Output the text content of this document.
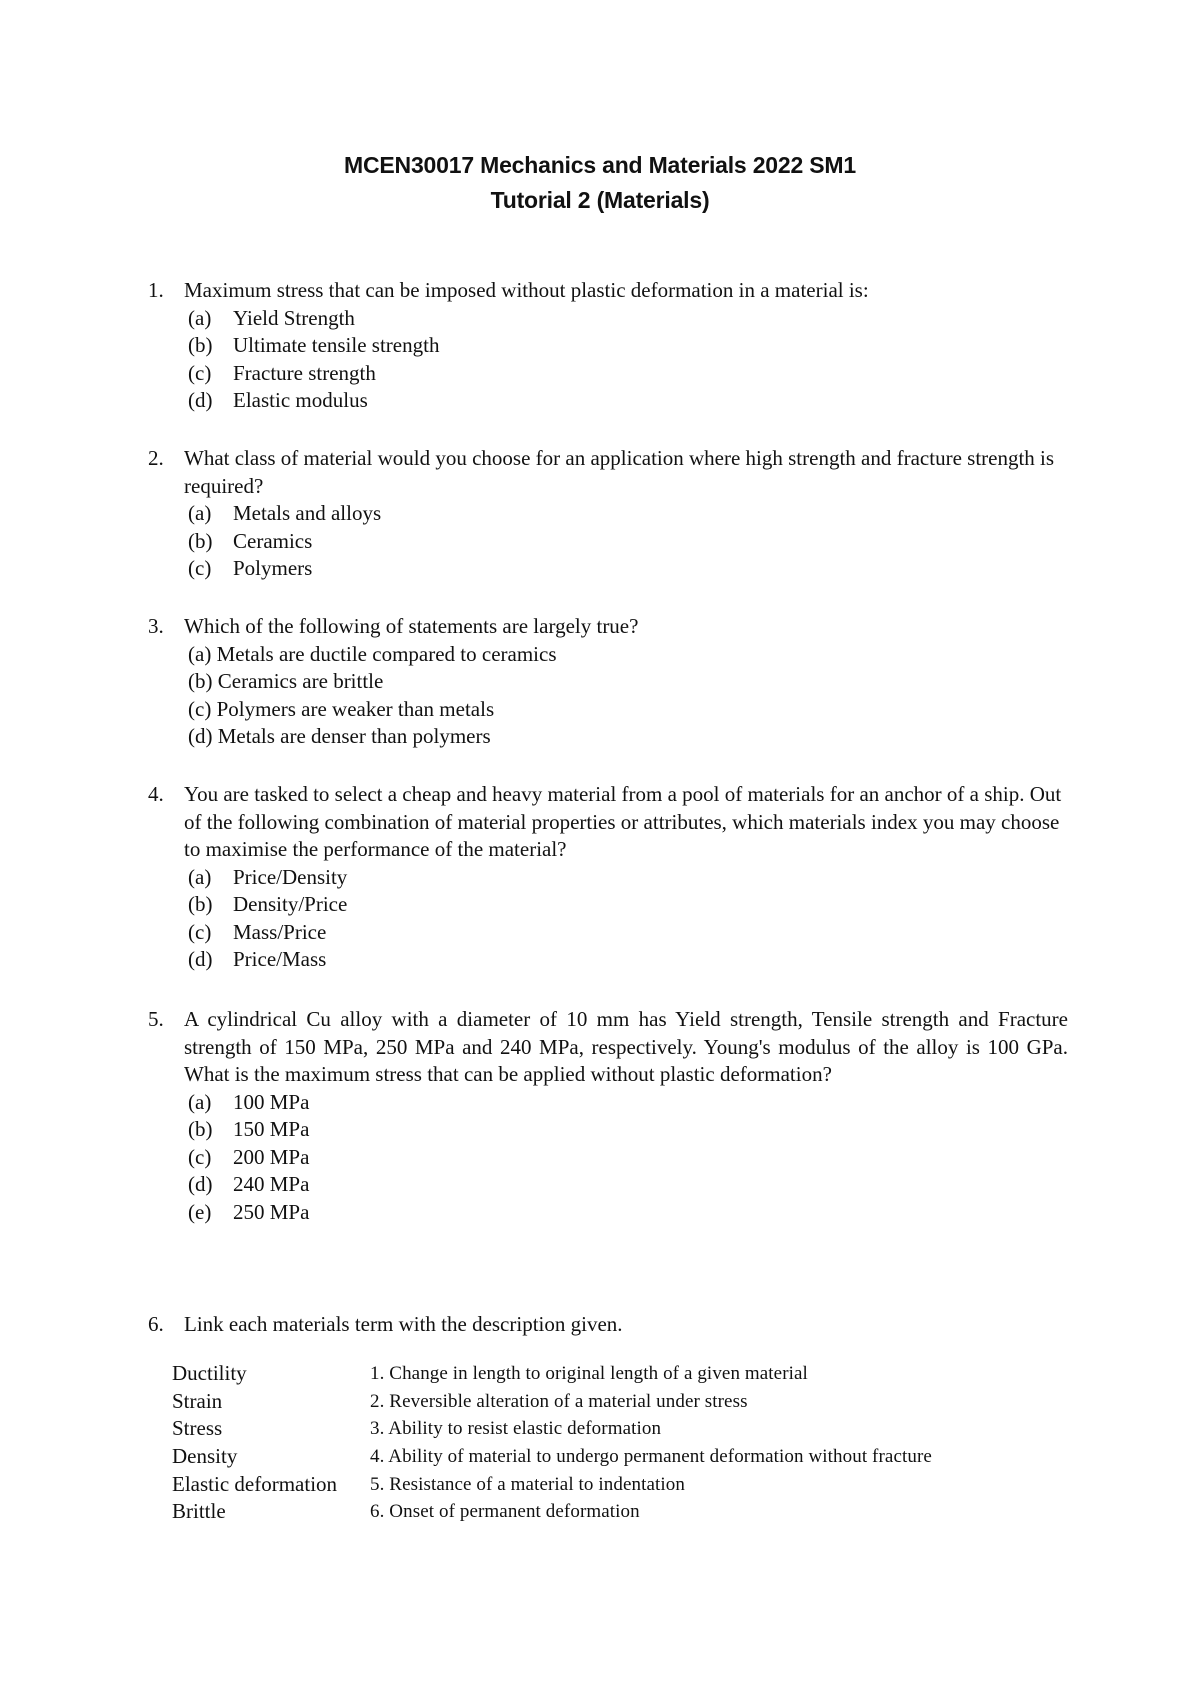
MCEN30017 Mechanics and Materials 2022 SM1
Tutorial 2 (Materials)
1. Maximum stress that can be imposed without plastic deformation in a material is:
(a) Yield Strength
(b) Ultimate tensile strength
(c) Fracture strength
(d) Elastic modulus
2. What class of material would you choose for an application where high strength and fracture strength is required?
(a) Metals and alloys
(b) Ceramics
(c) Polymers
3. Which of the following of statements are largely true?
(a) Metals are ductile compared to ceramics
(b) Ceramics are brittle
(c) Polymers are weaker than metals
(d) Metals are denser than polymers
4. You are tasked to select a cheap and heavy material from a pool of materials for an anchor of a ship. Out of the following combination of material properties or attributes, which materials index you may choose to maximise the performance of the material?
(a) Price/Density
(b) Density/Price
(c) Mass/Price
(d) Price/Mass
5. A cylindrical Cu alloy with a diameter of 10 mm has Yield strength, Tensile strength and Fracture strength of 150 MPa, 250 MPa and 240 MPa, respectively. Young's modulus of the alloy is 100 GPa. What is the maximum stress that can be applied without plastic deformation?
(a) 100 MPa
(b) 150 MPa
(c) 200 MPa
(d) 240 MPa
(e) 250 MPa
6. Link each materials term with the description given.
Ductility	1. Change in length to original length of a given material
Strain	2. Reversible alteration of a material under stress
Stress	3. Ability to resist elastic deformation
Density	4. Ability of material to undergo permanent deformation without fracture
Elastic deformation 5. Resistance of a material to indentation
Brittle	6. Onset of permanent deformation
